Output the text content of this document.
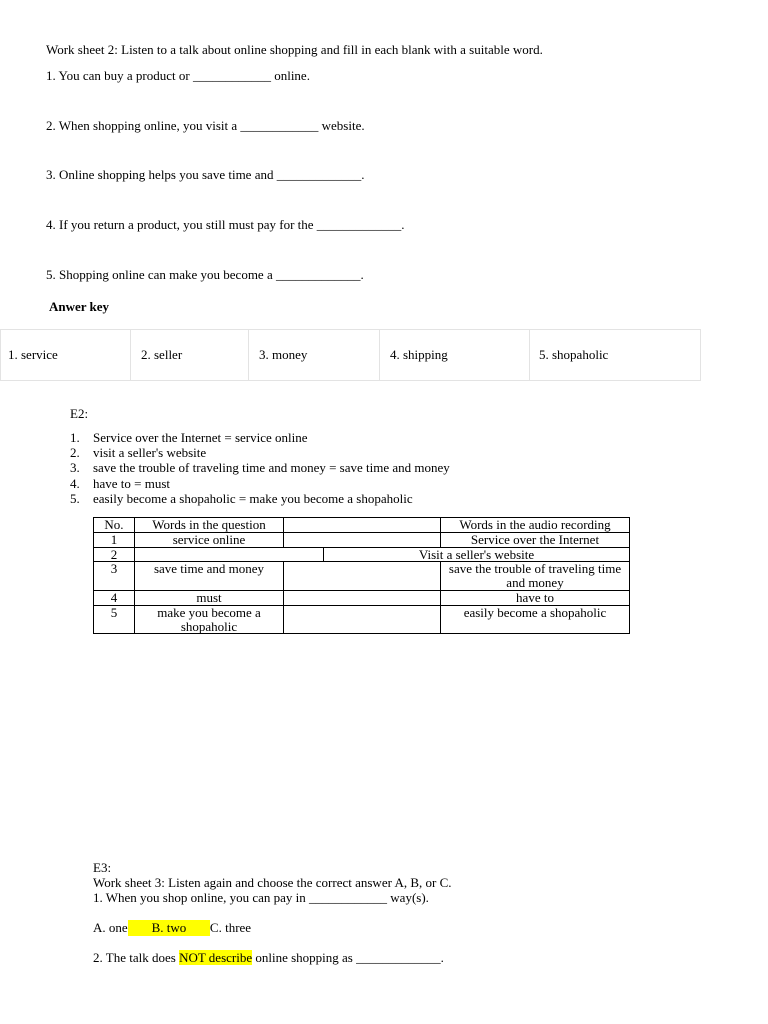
Work sheet 2: Listen to a talk about online shopping and fill in each blank with a suitable word.
1. You can buy a product or ____________ online.
2. When shopping online, you visit a ____________ website.
3. Online shopping helps you save time and _____________.
4. If you return a product, you still must pay for the _____________.
5. Shopping online can make you become a _____________.
Anwer key
1. service	2. seller	3. money	4. shipping	5. shopaholic
E2:
1. Service over the Internet = service online
2. visit a seller's website
3. save the trouble of traveling time and money = save time and money
4. have to = must
5. easily become a shopaholic = make you become a shopaholic
No.	Words in the question			Words in the audio recording
1	service online			Service over the Internet
2			Visit a seller's website	
3	save time and money			save the trouble of traveling time and money
4	must			have to
5	make you become a shopaholic			easily become a shopaholic
E3:
Work sheet 3: Listen again and choose the correct answer A, B, or C.
1. When you shop online, you can pay in ____________ way(s).
A. one B. two C. three
2. The talk does NOT describe online shopping as _____________.
